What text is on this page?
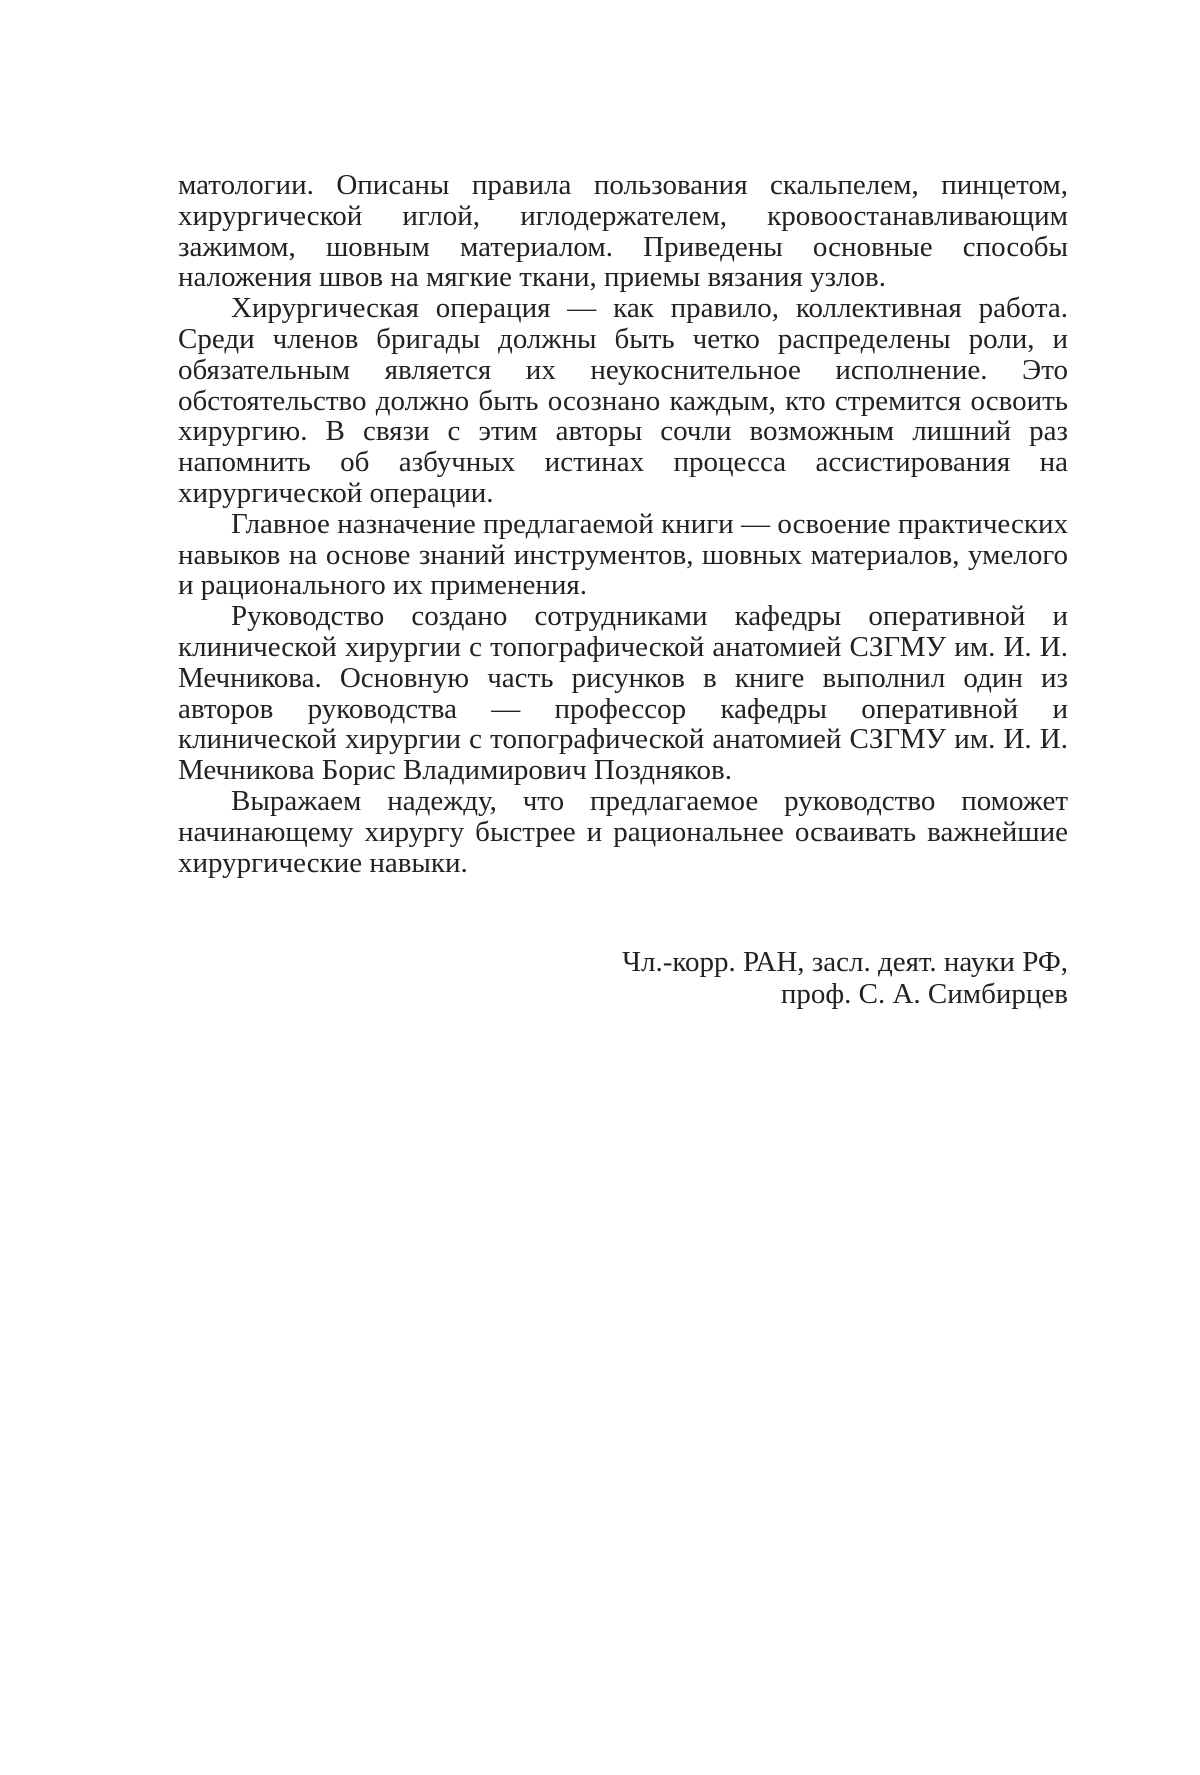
матологии. Описаны правила пользования скальпелем, пинцетом, хирургической иглой, иглодержателем, кровоостанавливающим зажимом, шовным материалом. Приведены основные способы наложения швов на мягкие ткани, приемы вязания узлов.

Хирургическая операция — как правило, коллективная работа. Среди членов бригады должны быть четко распределены роли, и обязательным является их неукоснительное исполнение. Это обстоятельство должно быть осознано каждым, кто стремится освоить хирургию. В связи с этим авторы сочли возможным лишний раз напомнить об азбучных истинах процесса ассистирования на хирургической операции.

Главное назначение предлагаемой книги — освоение практических навыков на основе знаний инструментов, шовных материалов, умелого и рационального их применения.

Руководство создано сотрудниками кафедры оперативной и клинической хирургии с топографической анатомией СЗГМУ им. И. И. Мечникова. Основную часть рисунков в книге выполнил один из авторов руководства — профессор кафедры оперативной и клинической хирургии с топографической анатомией СЗГМУ им. И. И. Мечникова Борис Владимирович Поздняков.

Выражаем надежду, что предлагаемое руководство поможет начинающему хирургу быстрее и рациональнее осваивать важнейшие хирургические навыки.

Чл.-корр. РАН, засл. деят. науки РФ,
проф. С. А. Симбирцев
